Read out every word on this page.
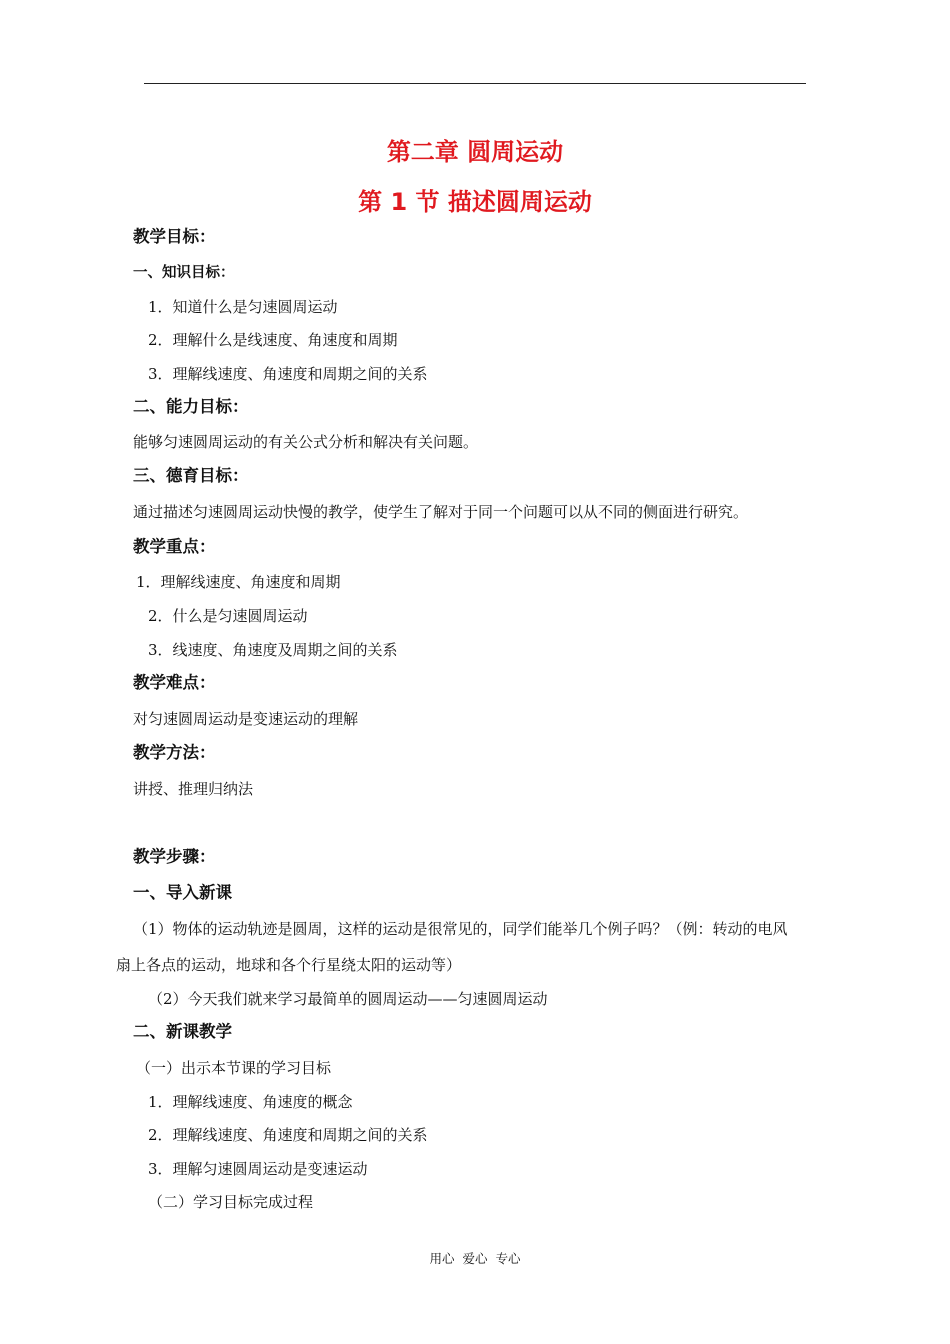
第二章 圆周运动
第 1 节 描述圆周运动
教学目标：
一、知识目标：
1．知道什么是匀速圆周运动
2．理解什么是线速度、角速度和周期
3．理解线速度、角速度和周期之间的关系
二、能力目标：
能够匀速圆周运动的有关公式分析和解决有关问题。
三、德育目标：
通过描述匀速圆周运动快慢的教学，使学生了解对于同一个问题可以从不同的侧面进行研究。
教学重点：
1．理解线速度、角速度和周期
2．什么是匀速圆周运动
3．线速度、角速度及周期之间的关系
教学难点：
对匀速圆周运动是变速运动的理解
教学方法：
讲授、推理归纳法
教学步骤：
一、导入新课
（1）物体的运动轨迹是圆周，这样的运动是很常见的，同学们能举几个例子吗？（例：转动的电风
扇上各点的运动，地球和各个行星绕太阳的运动等）
（2）今天我们就来学习最简单的圆周运动——匀速圆周运动
二、新课教学
（一）出示本节课的学习目标
1．理解线速度、角速度的概念
2．理解线速度、角速度和周期之间的关系
3．理解匀速圆周运动是变速运动
（二）学习目标完成过程
用心 爱心 专心
